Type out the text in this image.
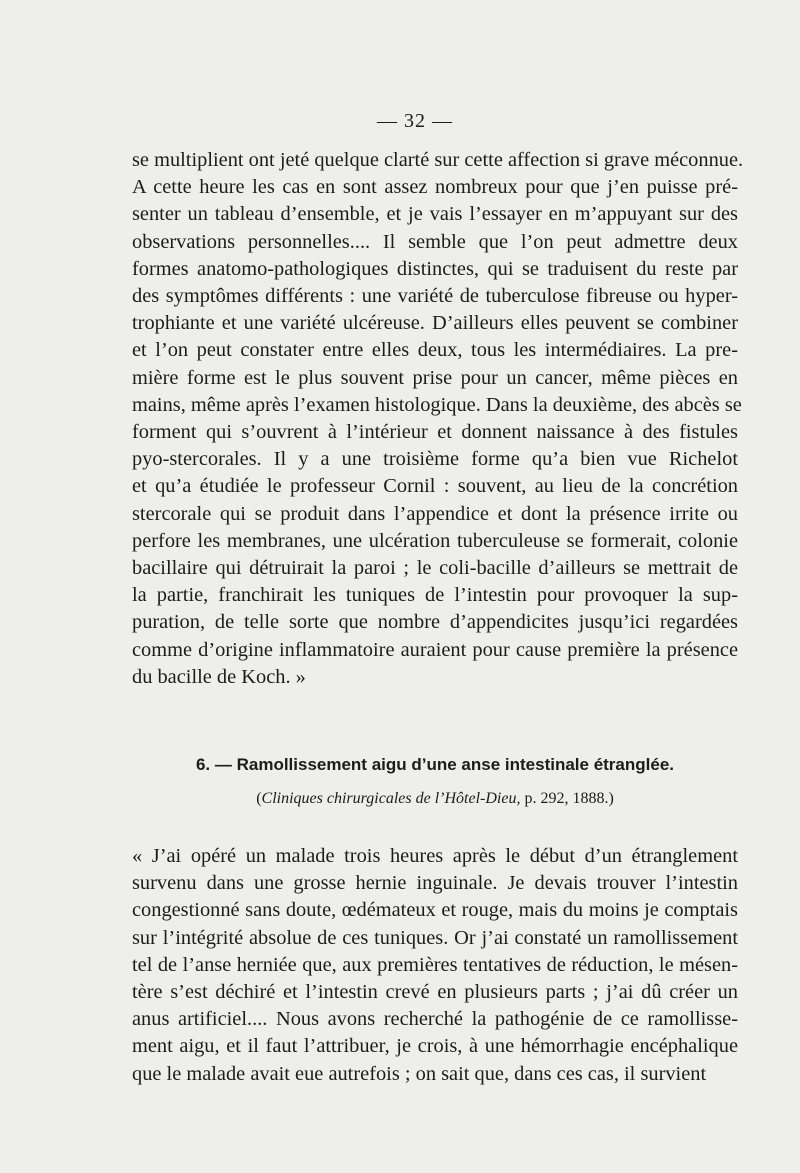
— 32 —
se multiplient ont jeté quelque clarté sur cette affection si grave méconnue.
A cette heure les cas en sont assez nombreux pour que j’en puisse pré-
senter un tableau d’ensemble, et je vais l’essayer en m’appuyant sur des
observations personnelles.... Il semble que l’on peut admettre deux
formes anatomo-pathologiques distinctes, qui se traduisent du reste par
des symptômes différents : une variété de tuberculose fibreuse ou hyper-
trophiante et une variété ulcéreuse. D’ailleurs elles peuvent se combiner
et l’on peut constater entre elles deux, tous les intermédiaires. La pre-
mière forme est le plus souvent prise pour un cancer, même pièces en
mains, même après l’examen histologique. Dans la deuxième, des abcès se
forment qui s’ouvrent à l’intérieur et donnent naissance à des fistules
pyo-stercorales. Il y a une troisième forme qu’a bien vue Richelot
et qu’a étudiée le professeur Cornil : souvent, au lieu de la concrétion
stercorale qui se produit dans l’appendice et dont la présence irrite ou
perfore les membranes, une ulcération tuberculeuse se formerait, colonie
bacillaire qui détruirait la paroi ; le coli-bacille d’ailleurs se mettrait de
la partie, franchirait les tuniques de l’intestin pour provoquer la sup-
puration, de telle sorte que nombre d’appendicites jusqu’ici regardées
comme d’origine inflammatoire auraient pour cause première la présence
du bacille de Koch. »
6. — Ramollissement aigu d’une anse intestinale étranglée.
(Cliniques chirurgicales de l’Hôtel-Dieu, p. 292, 1888.)
« J’ai opéré un malade trois heures après le début d’un étranglement
survenu dans une grosse hernie inguinale. Je devais trouver l’intestin
congestionné sans doute, œdémateux et rouge, mais du moins je comptais
sur l’intégrité absolue de ces tuniques. Or j’ai constaté un ramollissement
tel de l’anse herniée que, aux premières tentatives de réduction, le mésen-
tère s’est déchiré et l’intestin crevé en plusieurs parts ; j’ai dû créer un
anus artificiel.... Nous avons recherché la pathogénie de ce ramollisse-
ment aigu, et il faut l’attribuer, je crois, à une hémorrhagie encéphalique
que le malade avait eue autrefois ; on sait que, dans ces cas, il survient
